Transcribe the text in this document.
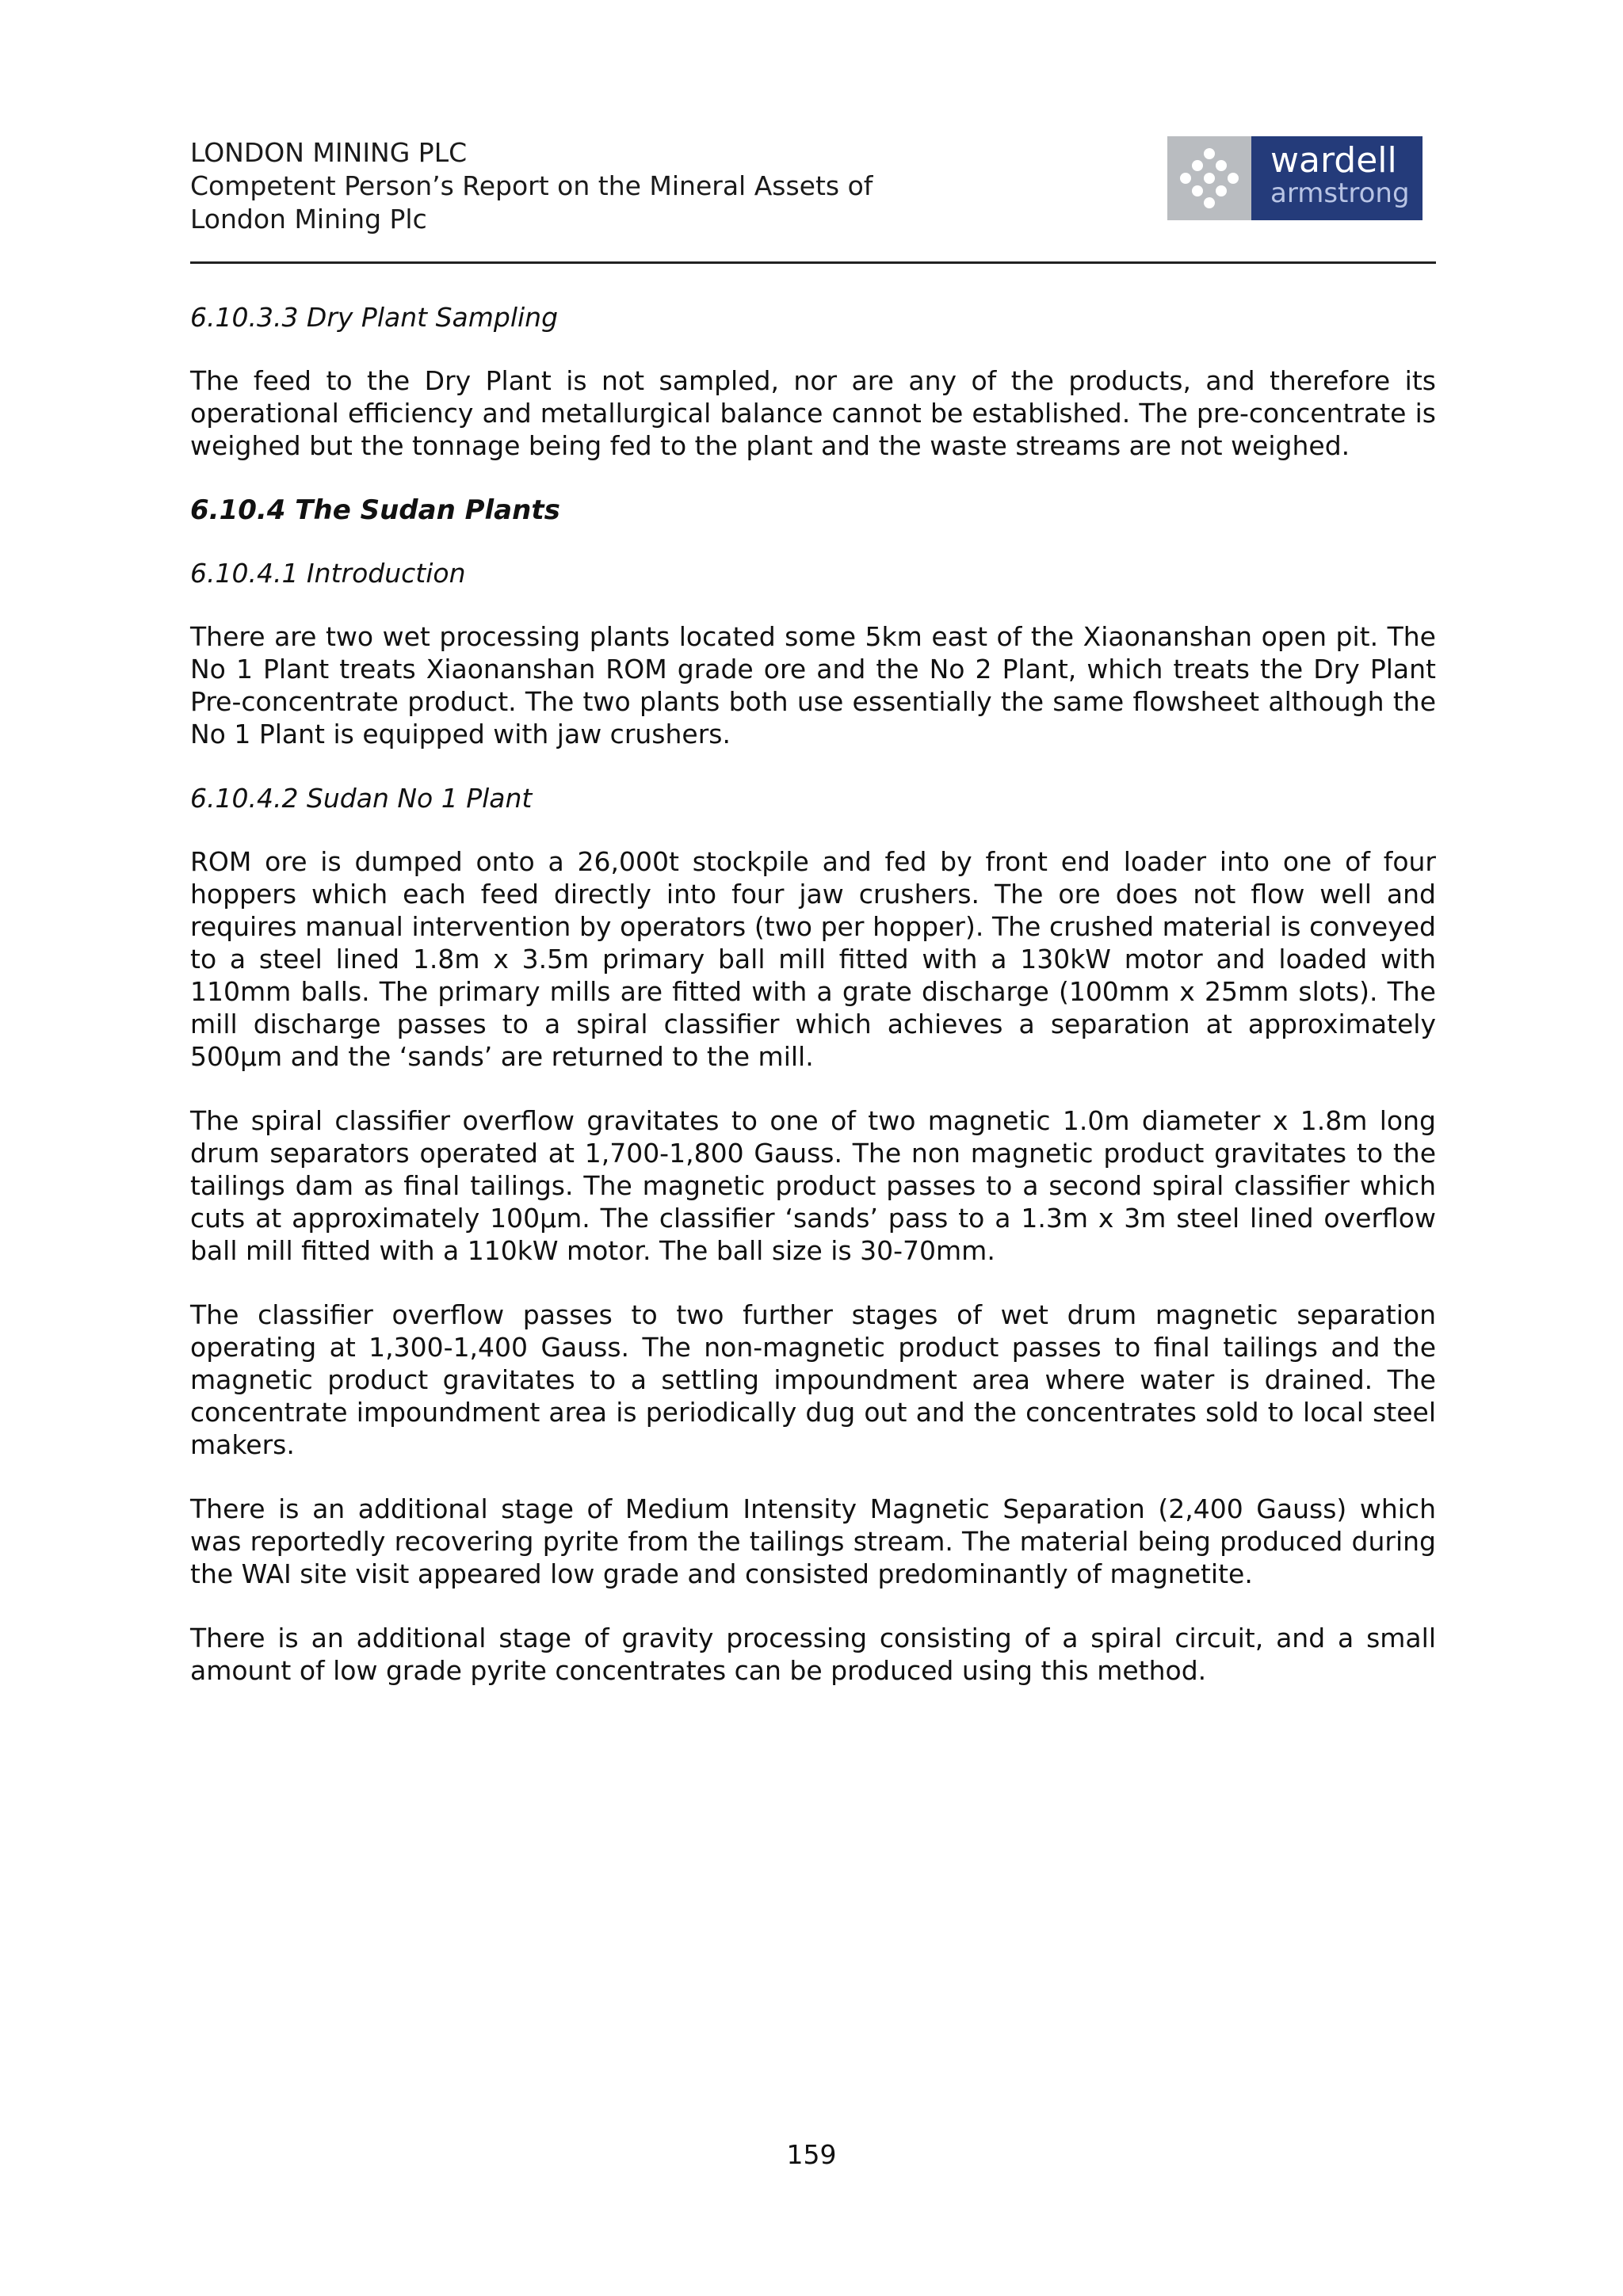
LONDON MINING PLC
Competent Person’s Report on the Mineral Assets of
London Mining Plc
wardell
armstrong

6.10.3.3 Dry Plant Sampling

The feed to the Dry Plant is not sampled, nor are any of the products, and therefore its operational efficiency and metallurgical balance cannot be established. The pre-concentrate is weighed but the tonnage being fed to the plant and the waste streams are not weighed.

6.10.4 The Sudan Plants

6.10.4.1 Introduction

There are two wet processing plants located some 5km east of the Xiaonanshan open pit. The No 1 Plant treats Xiaonanshan ROM grade ore and the No 2 Plant, which treats the Dry Plant Pre-concentrate product. The two plants both use essentially the same flowsheet although the No 1 Plant is equipped with jaw crushers.

6.10.4.2 Sudan No 1 Plant

ROM ore is dumped onto a 26,000t stockpile and fed by front end loader into one of four hoppers which each feed directly into four jaw crushers. The ore does not flow well and requires manual intervention by operators (two per hopper). The crushed material is conveyed to a steel lined 1.8m x 3.5m primary ball mill fitted with a 130kW motor and loaded with 110mm balls. The primary mills are fitted with a grate discharge (100mm x 25mm slots). The mill discharge passes to a spiral classifier which achieves a separation at approximately 500µm and the ‘sands’ are returned to the mill.

The spiral classifier overflow gravitates to one of two magnetic 1.0m diameter x 1.8m long drum separators operated at 1,700-1,800 Gauss. The non magnetic product gravitates to the tailings dam as final tailings. The magnetic product passes to a second spiral classifier which cuts at approximately 100µm. The classifier ‘sands’ pass to a 1.3m x 3m steel lined overflow ball mill fitted with a 110kW motor. The ball size is 30-70mm.

The classifier overflow passes to two further stages of wet drum magnetic separation operating at 1,300-1,400 Gauss. The non-magnetic product passes to final tailings and the magnetic product gravitates to a settling impoundment area where water is drained. The concentrate impoundment area is periodically dug out and the concentrates sold to local steel makers.

There is an additional stage of Medium Intensity Magnetic Separation (2,400 Gauss) which was reportedly recovering pyrite from the tailings stream. The material being produced during the WAI site visit appeared low grade and consisted predominantly of magnetite.

There is an additional stage of gravity processing consisting of a spiral circuit, and a small amount of low grade pyrite concentrates can be produced using this method.

159
